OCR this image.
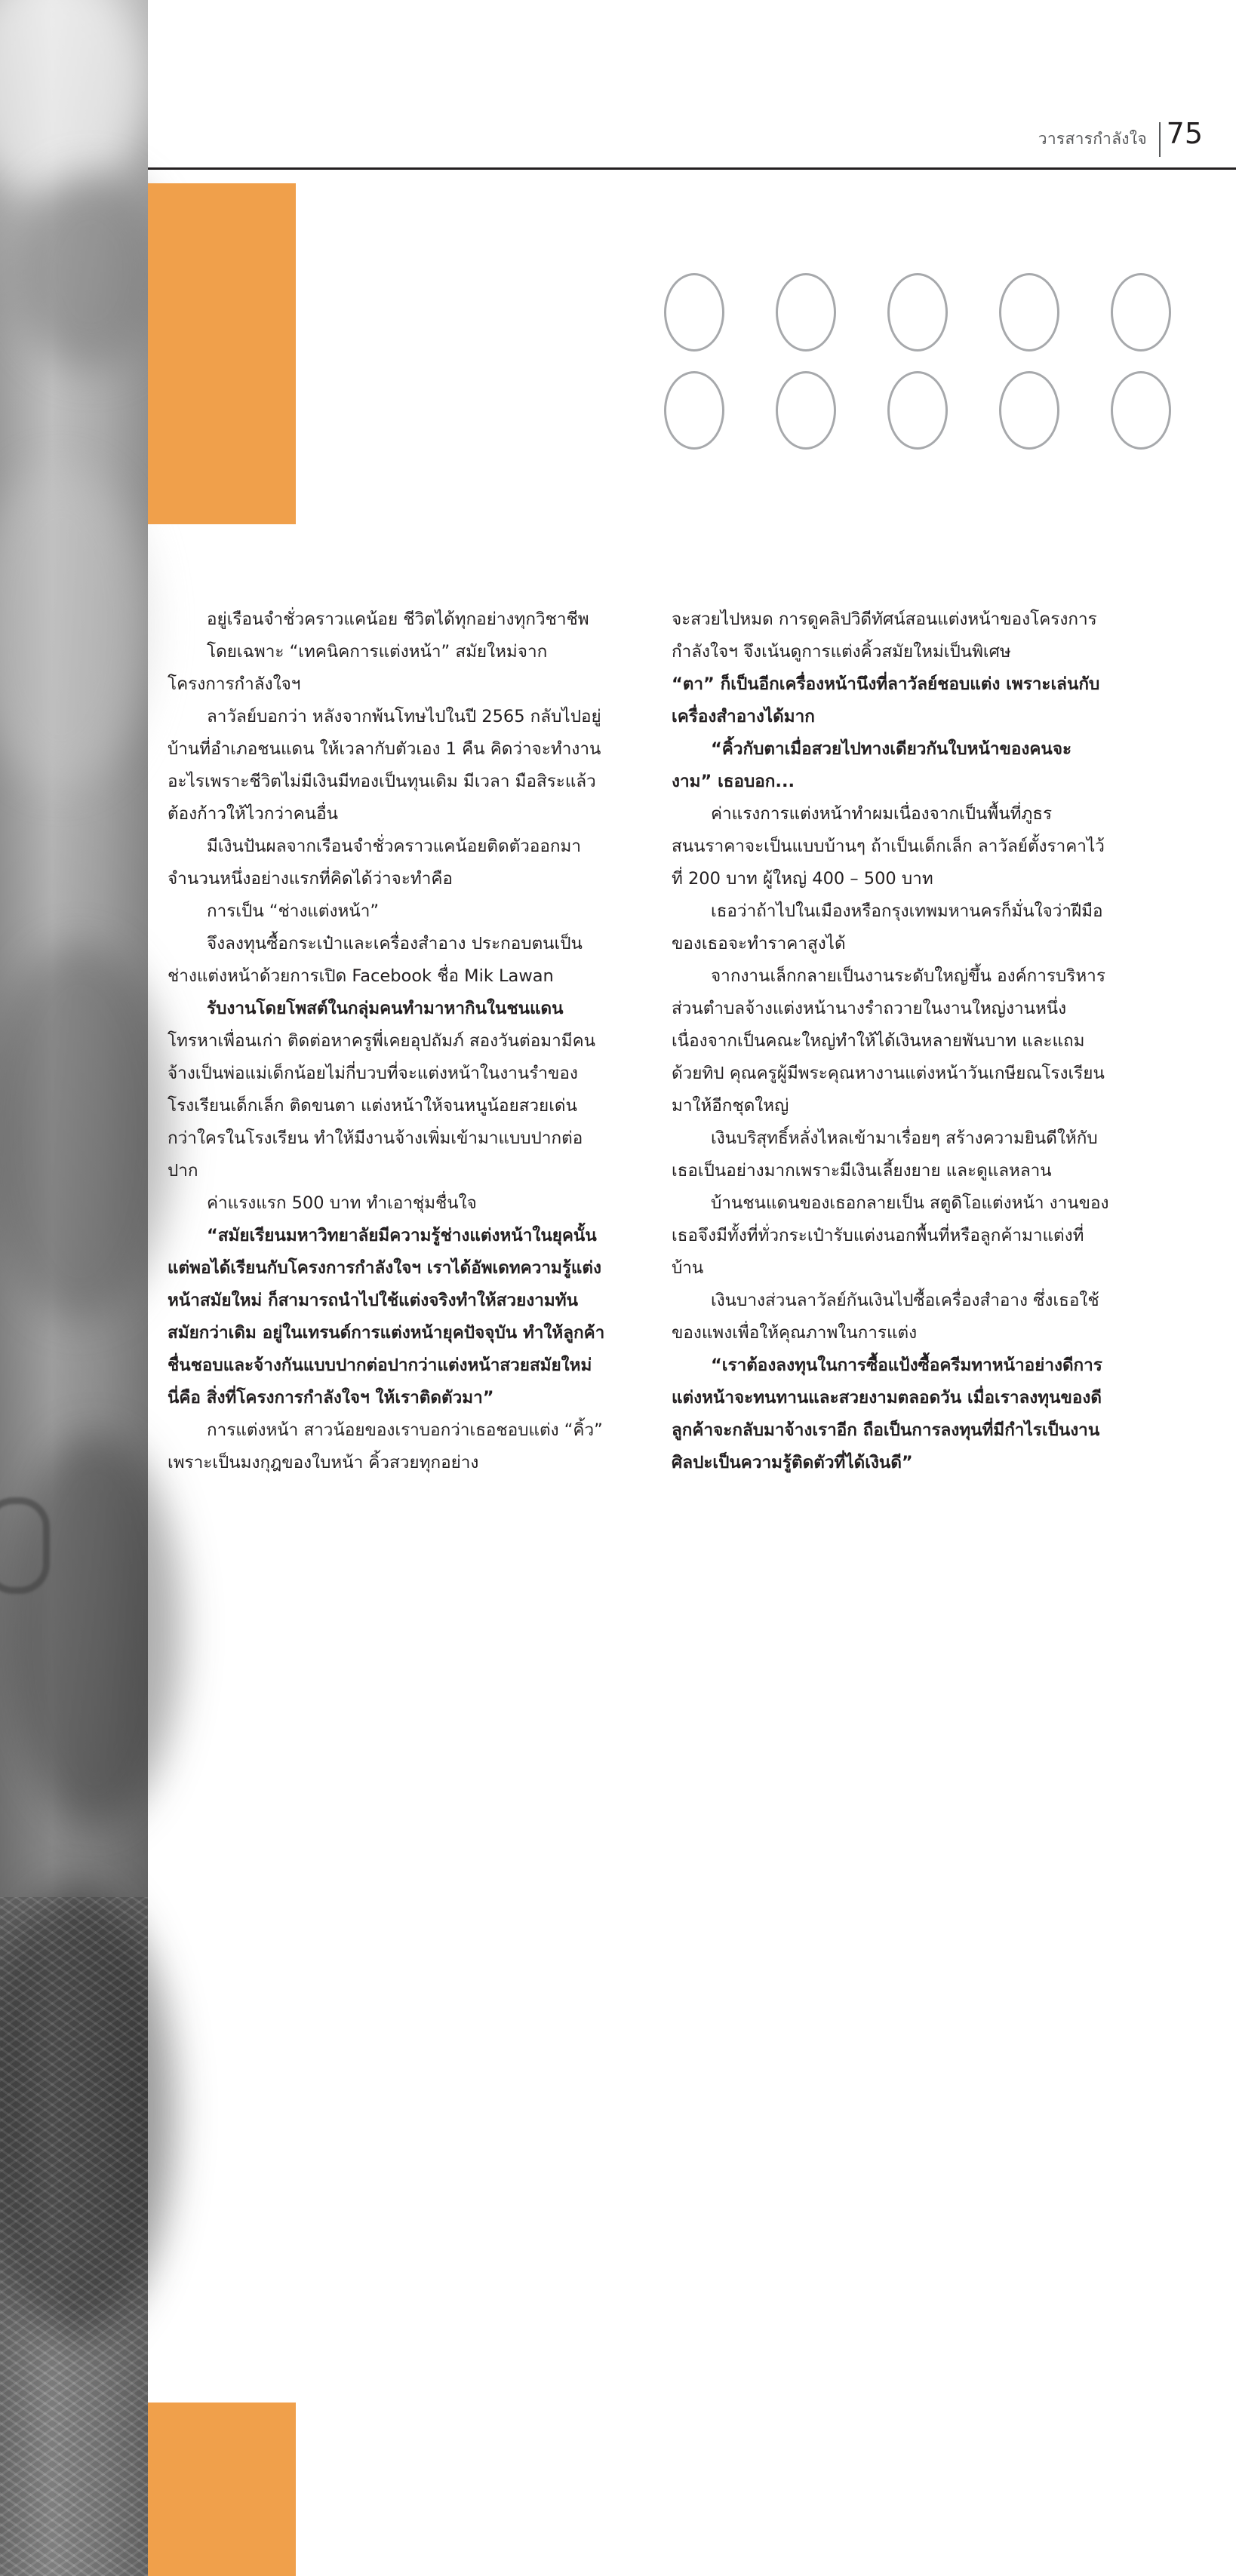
วารสารกำลังใจ 75

อยู่เรือนจำชั่วคราวแคน้อย ชีวิตได้ทุกอย่างทุกวิชาชีพ

โดยเฉพาะ “เทคนิคการแต่งหน้า” สมัยใหม่จากโครงการกำลังใจฯ

ลาวัลย์บอกว่า หลังจากพ้นโทษไปในปี 2565 กลับไปอยู่บ้านที่อำเภอชนแดน ให้เวลากับตัวเอง 1 คืน คิดว่าจะทำงานอะไรเพราะชีวิตไม่มีเงินมีทองเป็นทุนเดิม มีเวลา มือสิระแล้วต้องก้าวให้ไวกว่าคนอื่น

มีเงินปันผลจากเรือนจำชั่วคราวแคน้อยติดตัวออกมาจำนวนหนึ่งอย่างแรกที่คิดได้ว่าจะทำคือ

การเป็น “ช่างแต่งหน้า”

จึงลงทุนซื้อกระเป๋าและเครื่องสำอาง ประกอบตนเป็นช่างแต่งหน้าด้วยการเปิด Facebook ชื่อ Mik Lawan

รับงานโดยโพสต์ในกลุ่มคนทำมาหากินในชนแดน

โทรหาเพื่อนเก่า ติดต่อหาครูพี่เคยอุปถัมภ์ สองวันต่อมามีคนจ้างเป็นพ่อแม่เด็กน้อยไม่กี่บวบที่จะแต่งหน้าในงานรำของโรงเรียนเด็กเล็ก ติดขนตา แต่งหน้าให้จนหนูน้อยสวยเด่นกว่าใครในโรงเรียน ทำให้มีงานจ้างเพิ่มเข้ามาแบบปากต่อปาก

ค่าแรงแรก 500 บาท ทำเอาชุ่มชื่นใจ

“สมัยเรียนมหาวิทยาลัยมีความรู้ช่างแต่งหน้าในยุคนั้น แต่พอได้เรียนกับโครงการกำลังใจฯ เราได้อัพเดทความรู้แต่งหน้าสมัยใหม่ ก็สามารถนำไปใช้แต่งจริงทำให้สวยงามทันสมัยกว่าเดิม อยู่ในเทรนด์การแต่งหน้ายุคปัจจุบัน ทำให้ลูกค้าชื่นชอบและจ้างกันแบบปากต่อปากว่าแต่งหน้าสวยสมัยใหม่ นี่คือ สิ่งที่โครงการกำลังใจฯ ให้เราติดตัวมา”

การแต่งหน้า สาวน้อยของเราบอกว่าเธอชอบแต่ง “คิ้ว” เพราะเป็นมงกุฎของใบหน้า คิ้วสวยทุกอย่าง

จะสวยไปหมด การดูคลิปวิดีทัศน์สอนแต่งหน้าของโครงการกำลังใจฯ จึงเน้นดูการแต่งคิ้วสมัยใหม่เป็นพิเศษ

“ตา” ก็เป็นอีกเครื่องหน้านึงที่ลาวัลย์ชอบแต่ง เพราะเล่นกับเครื่องสำอางได้มาก

“คิ้วกับตาเมื่อสวยไปทางเดียวกันใบหน้าของคนจะงาม” เธอบอก...

ค่าแรงการแต่งหน้าทำผมเนื่องจากเป็นพื้นที่ภูธรสนนราคาจะเป็นแบบบ้านๆ ถ้าเป็นเด็กเล็ก ลาวัลย์ตั้งราคาไว้ที่ 200 บาท ผู้ใหญ่ 400 – 500 บาท

เธอว่าถ้าไปในเมืองหรือกรุงเทพมหานครก็มั่นใจว่าฝีมือของเธอจะทำราคาสูงได้

จากงานเล็กกลายเป็นงานระดับใหญ่ขึ้น องค์การบริหารส่วนตำบลจ้างแต่งหน้านางรำถวายในงานใหญ่งานหนึ่ง เนื่องจากเป็นคณะใหญ่ทำให้ได้เงินหลายพันบาท และแถมด้วยทิป คุณครูผู้มีพระคุณหางานแต่งหน้าวันเกษียณโรงเรียนมาให้อีกชุดใหญ่

เงินบริสุทธิ์หลั่งไหลเข้ามาเรื่อยๆ สร้างความยินดีให้กับเธอเป็นอย่างมากเพราะมีเงินเลี้ยงยาย และดูแลหลาน

บ้านชนแดนของเธอกลายเป็น สตูดิโอแต่งหน้า งานของเธอจึงมีทั้งที่ทั่วกระเป๋ารับแต่งนอกพื้นที่หรือลูกค้ามาแต่งที่บ้าน

เงินบางส่วนลาวัลย์กันเงินไปซื้อเครื่องสำอาง ซึ่งเธอใช้ของแพงเพื่อให้คุณภาพในการแต่ง

“เราต้องลงทุนในการซื้อแป้งซื้อครีมทาหน้าอย่างดีการแต่งหน้าจะทนทานและสวยงามตลอดวัน เมื่อเราลงทุนของดีลูกค้าจะกลับมาจ้างเราอีก ถือเป็นการลงทุนที่มีกำไรเป็นงานศิลปะเป็นความรู้ติดตัวที่ได้เงินดี”
